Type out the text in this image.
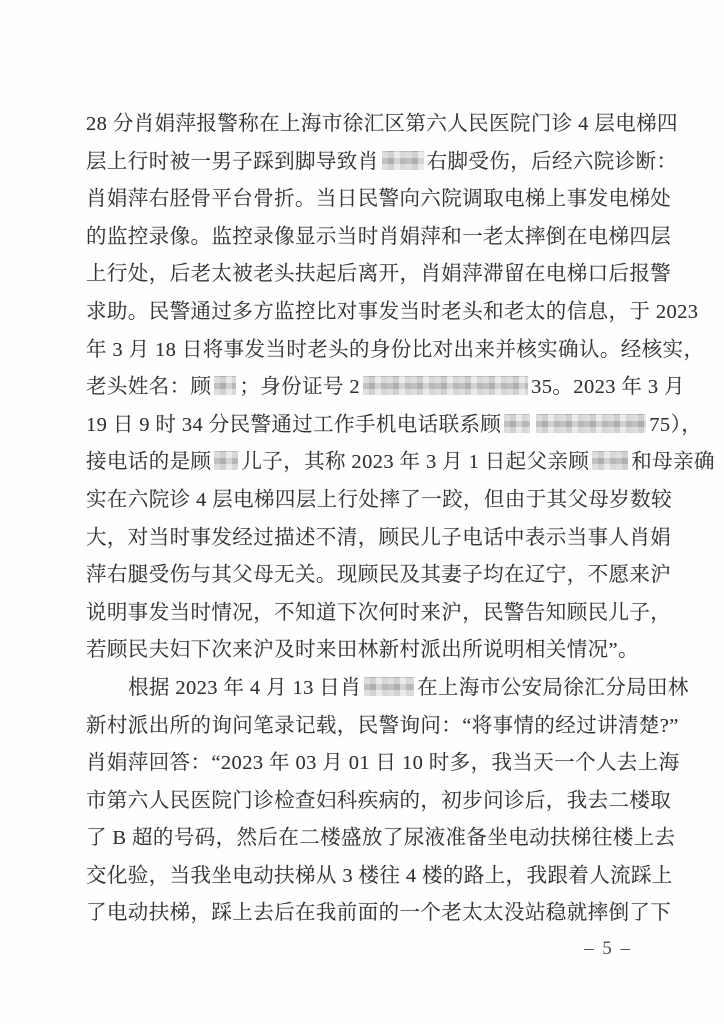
28 分肖娟萍报警称在上海市徐汇区第六人民医院门诊 4 层电梯四
层上行时被一男子踩到脚导致肖 右脚受伤，后经六院诊断：
肖娟萍右胫骨平台骨折。当日民警向六院调取电梯上事发电梯处
的监控录像。监控录像显示当时肖娟萍和一老太摔倒在电梯四层
上行处，后老太被老头扶起后离开，肖娟萍滞留在电梯口后报警
求助。民警通过多方监控比对事发当时老头和老太的信息，于 2023
年 3 月 18 日将事发当时老头的身份比对出来并核实确认。经核实，
老头姓名：顾 ；身份证号 2	35。2023 年 3 月
19 日 9 时 34 分民警通过工作手机电话联系顾	75），
接电话的是顾 儿子，其称 2023 年 3 月 1 日起父亲顾 和母亲确
实在六院诊 4 层电梯四层上行处摔了一跤，但由于其父母岁数较
大，对当时事发经过描述不清，顾民儿子电话中表示当事人肖娟
萍右腿受伤与其父母无关。现顾民及其妻子均在辽宁，不愿来沪
说明事发当时情况，不知道下次何时来沪，民警告知顾民儿子，
若顾民夫妇下次来沪及时来田林新村派出所说明相关情况”。
根据 2023 年 4 月 13 日肖	在上海市公安局徐汇分局田林
新村派出所的询问笔录记载，民警询问：“将事情的经过讲清楚?”
肖娟萍回答：“2023 年 03 月 01 日 10 时多，我当天一个人去上海
市第六人民医院门诊检查妇科疾病的，初步问诊后，我去二楼取
了 B 超的号码，然后在二楼盛放了尿液准备坐电动扶梯往楼上去
交化验，当我坐电动扶梯从 3 楼往 4 楼的路上，我跟着人流踩上
了电动扶梯，踩上去后在我前面的一个老太太没站稳就摔倒了下
– 5 –
